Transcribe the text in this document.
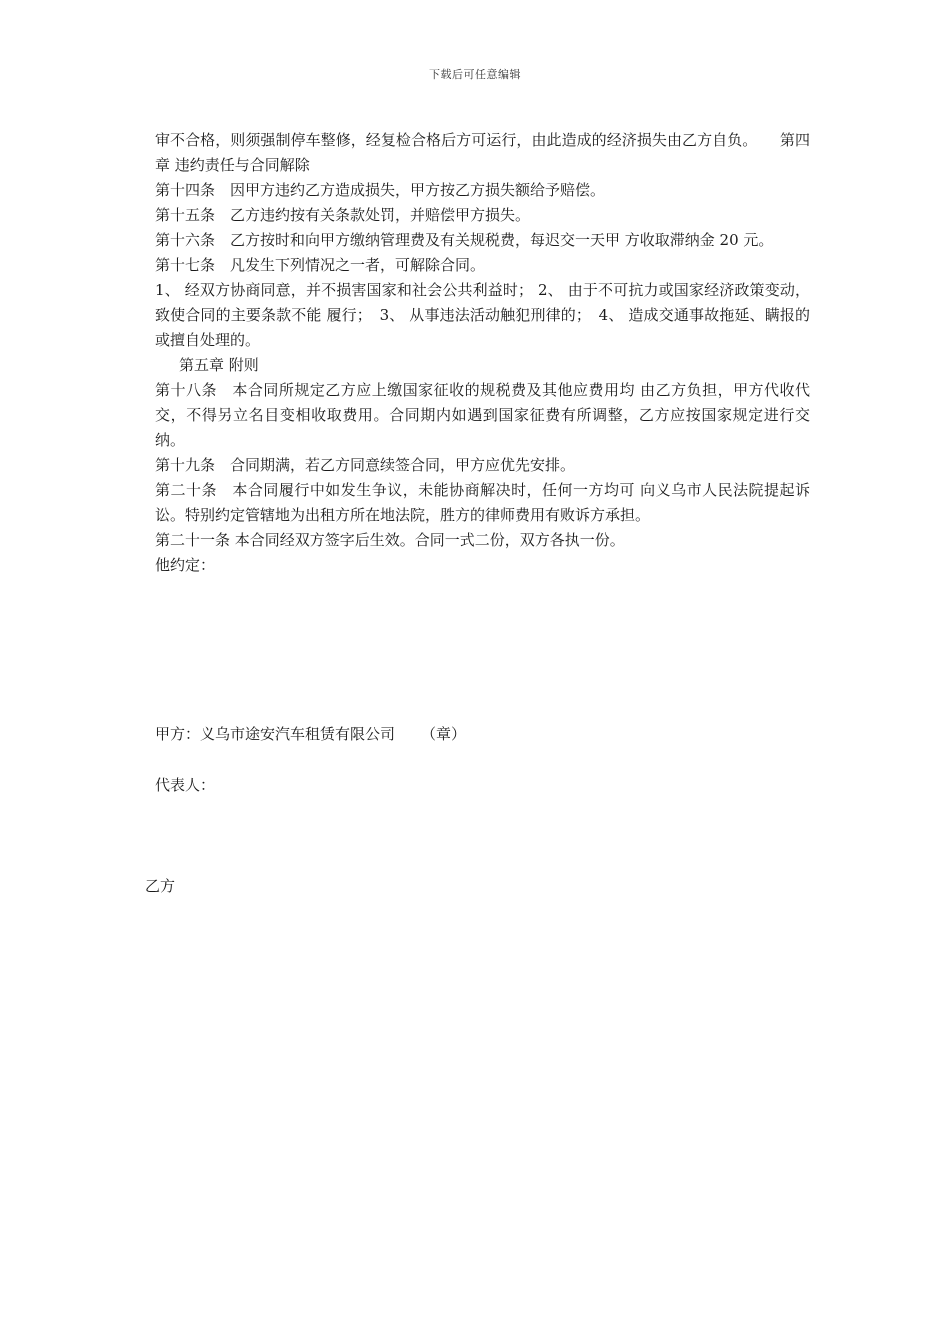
下载后可任意编辑

审不合格，则须强制停车整修，经复检合格后方可运行，由此造成的经济损失由乙方自负。　　第四章 违约责任与合同解除

第十四条　因甲方违约乙方造成损失，甲方按乙方损失额给予赔偿。

第十五条　乙方违约按有关条款处罚，并赔偿甲方损失。

第十六条　乙方按时和向甲方缴纳管理费及有关规税费，每迟交一天甲 方收取滞纳金 20 元。

第十七条　凡发生下列情况之一者，可解除合同。

1、 经双方协商同意，并不损害国家和社会公共利益时； 2、 由于不可抗力或国家经济政策变动，致使合同的主要条款不能 履行；　3、 从事违法活动触犯刑律的；　4、 造成交通事故拖延、瞒报的或擅自处理的。

第五章 附则

第十八条　本合同所规定乙方应上缴国家征收的规税费及其他应费用均 由乙方负担，甲方代收代交，不得另立名目变相收取费用。合同期内如遇到国家征费有所调整，乙方应按国家规定进行交纳。

第十九条　合同期满，若乙方同意续签合同，甲方应优先安排。

第二十条　本合同履行中如发生争议，未能协商解决时，任何一方均可 向义乌市人民法院提起诉讼。特别约定管辖地为出租方所在地法院，胜方的律师费用有败诉方承担。

第二十一条 本合同经双方签字后生效。合同一式二份，双方各执一份。

他约定：

甲方：义乌市途安汽车租赁有限公司 （章）
代表人：
乙方
